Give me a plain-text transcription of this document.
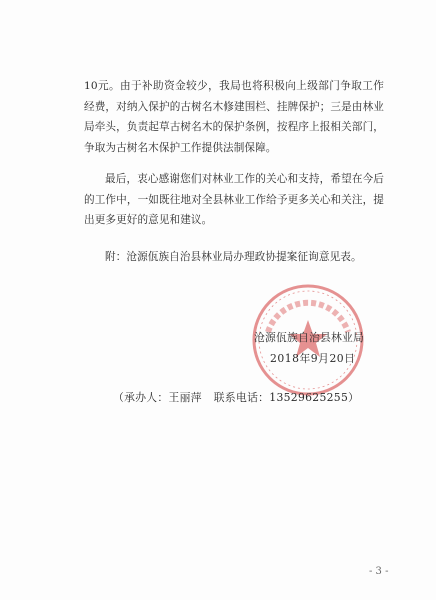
10元。由于补助资金较少，我局也将积极向上级部门争取工作经费，对纳入保护的古树名木修建围栏、挂牌保护；三是由林业局牵头，负责起草古树名木的保护条例，按程序上报相关部门，争取为古树名木保护工作提供法制保障。

最后，衷心感谢您们对林业工作的关心和支持，希望在今后的工作中，一如既往地对全县林业工作给予更多关心和关注，提出更多更好的意见和建议。

附：沧源佤族自治县林业局办理政协提案征询意见表。

沧源佤族自治县林业局
2018年9月20日
（承办人：王丽萍 联系电话：13529625255）
- 3 -
